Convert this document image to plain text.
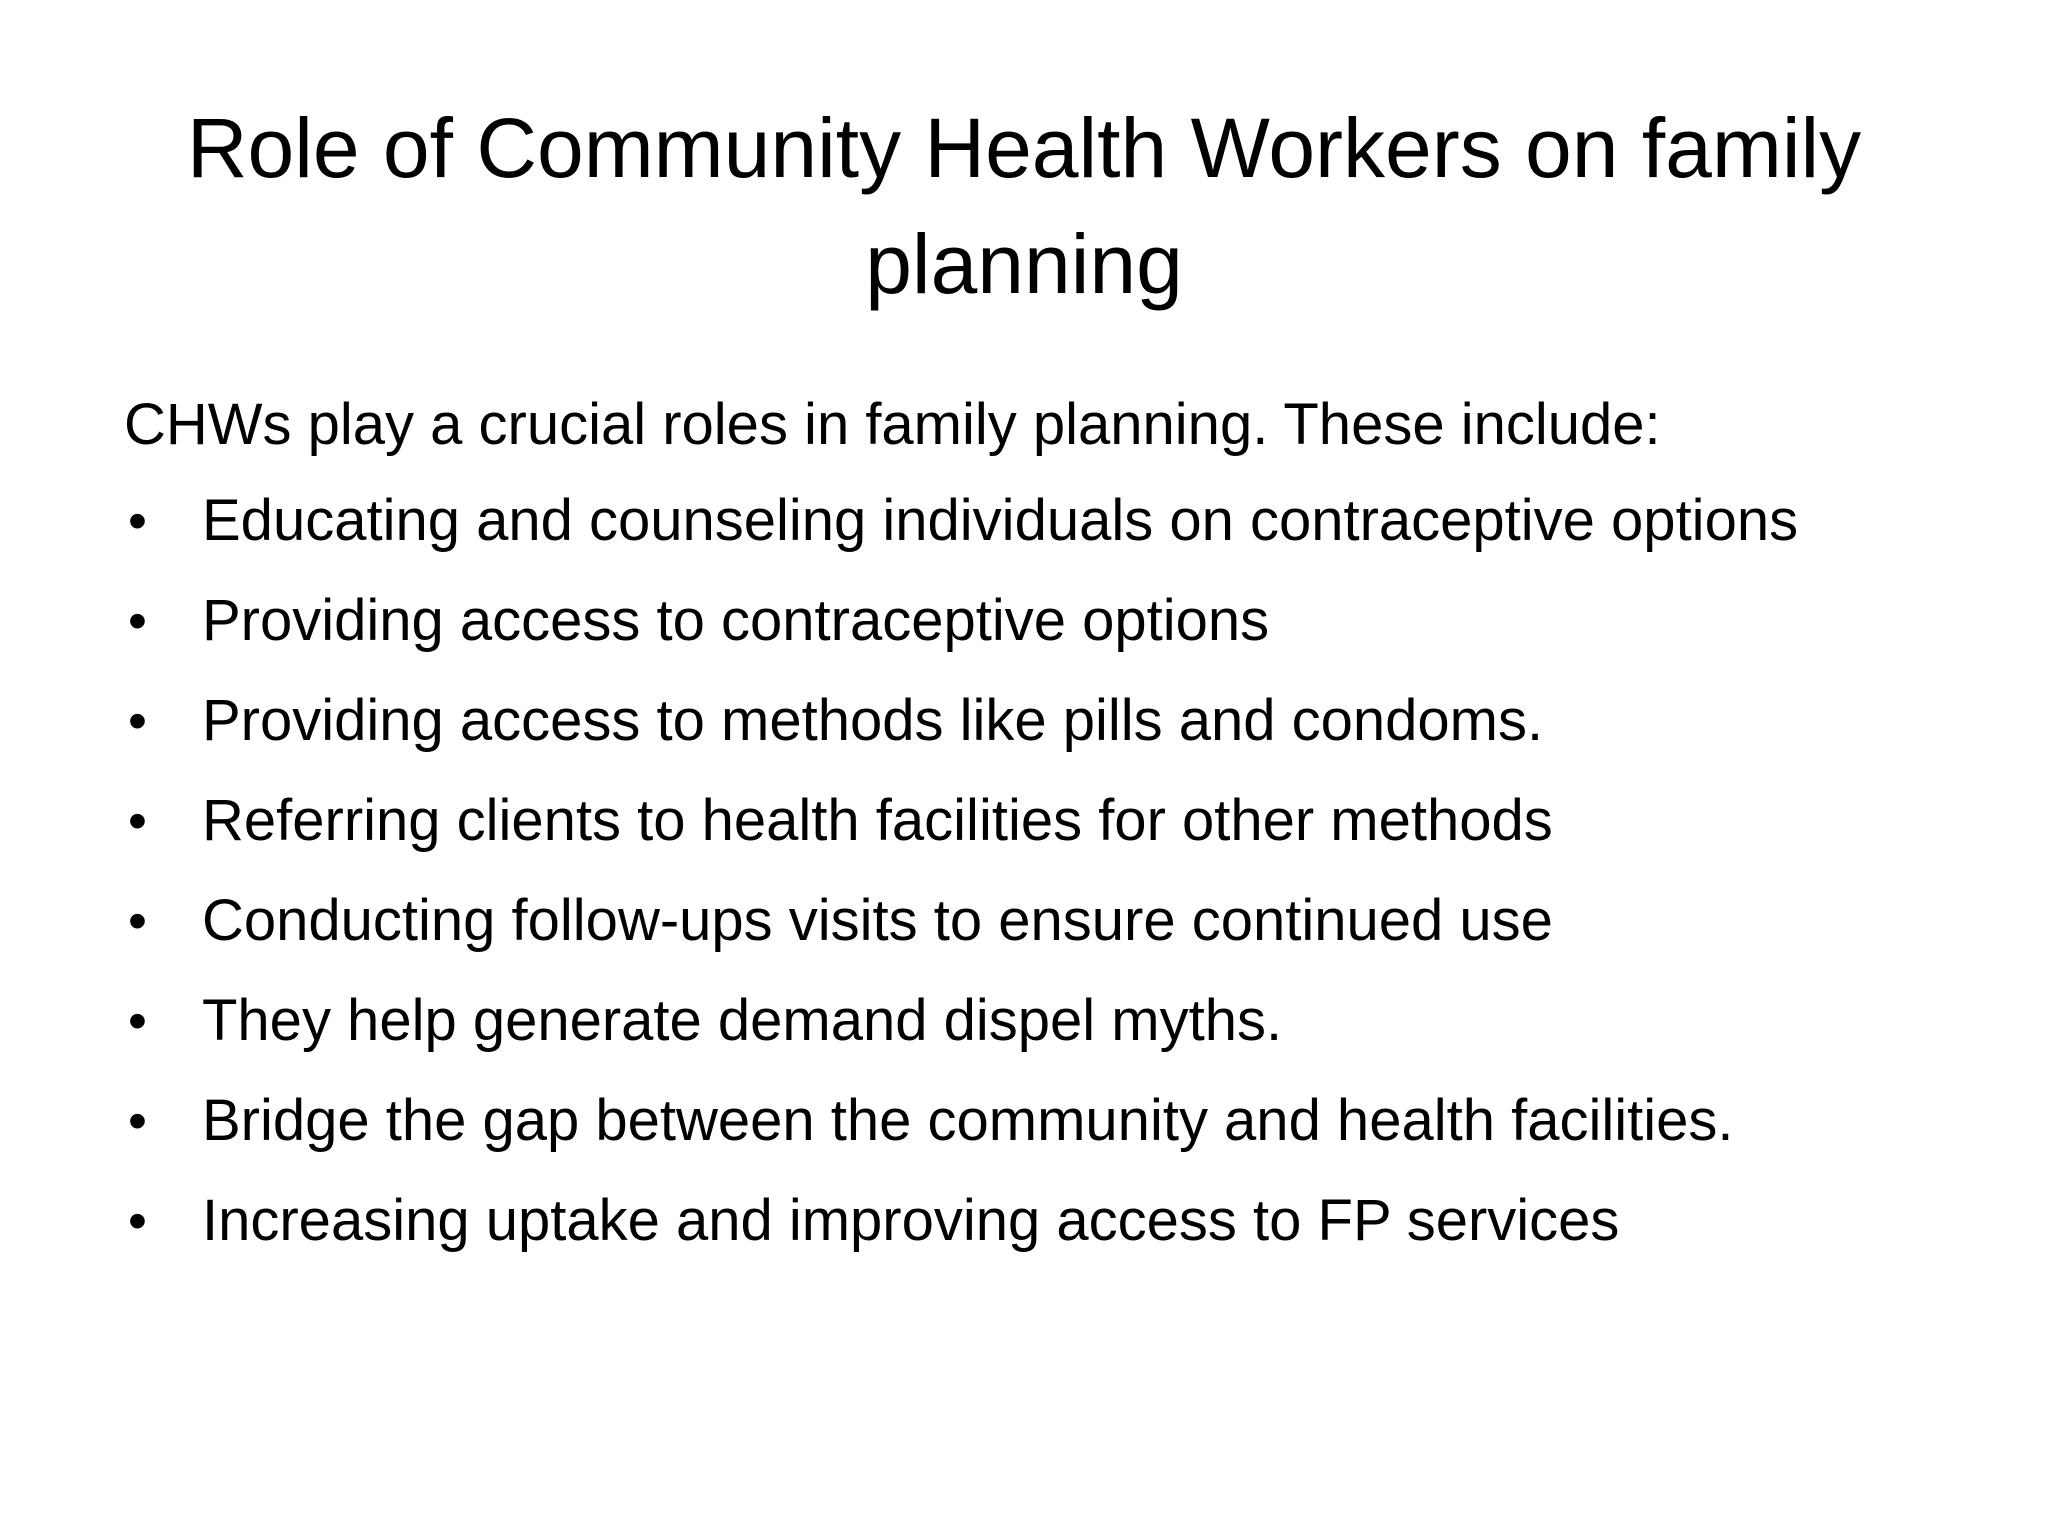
Role of Community Health Workers on family planning

CHWs play a crucial roles in family planning. These include:

• Educating and counseling individuals on contraceptive options
• Providing access to contraceptive options
• Providing access to methods like pills and condoms.
• Referring clients to health facilities for other methods
• Conducting follow-ups visits to ensure continued use
• They help generate demand dispel myths.
• Bridge the gap between the community and health facilities.
• Increasing uptake and improving access to FP services
